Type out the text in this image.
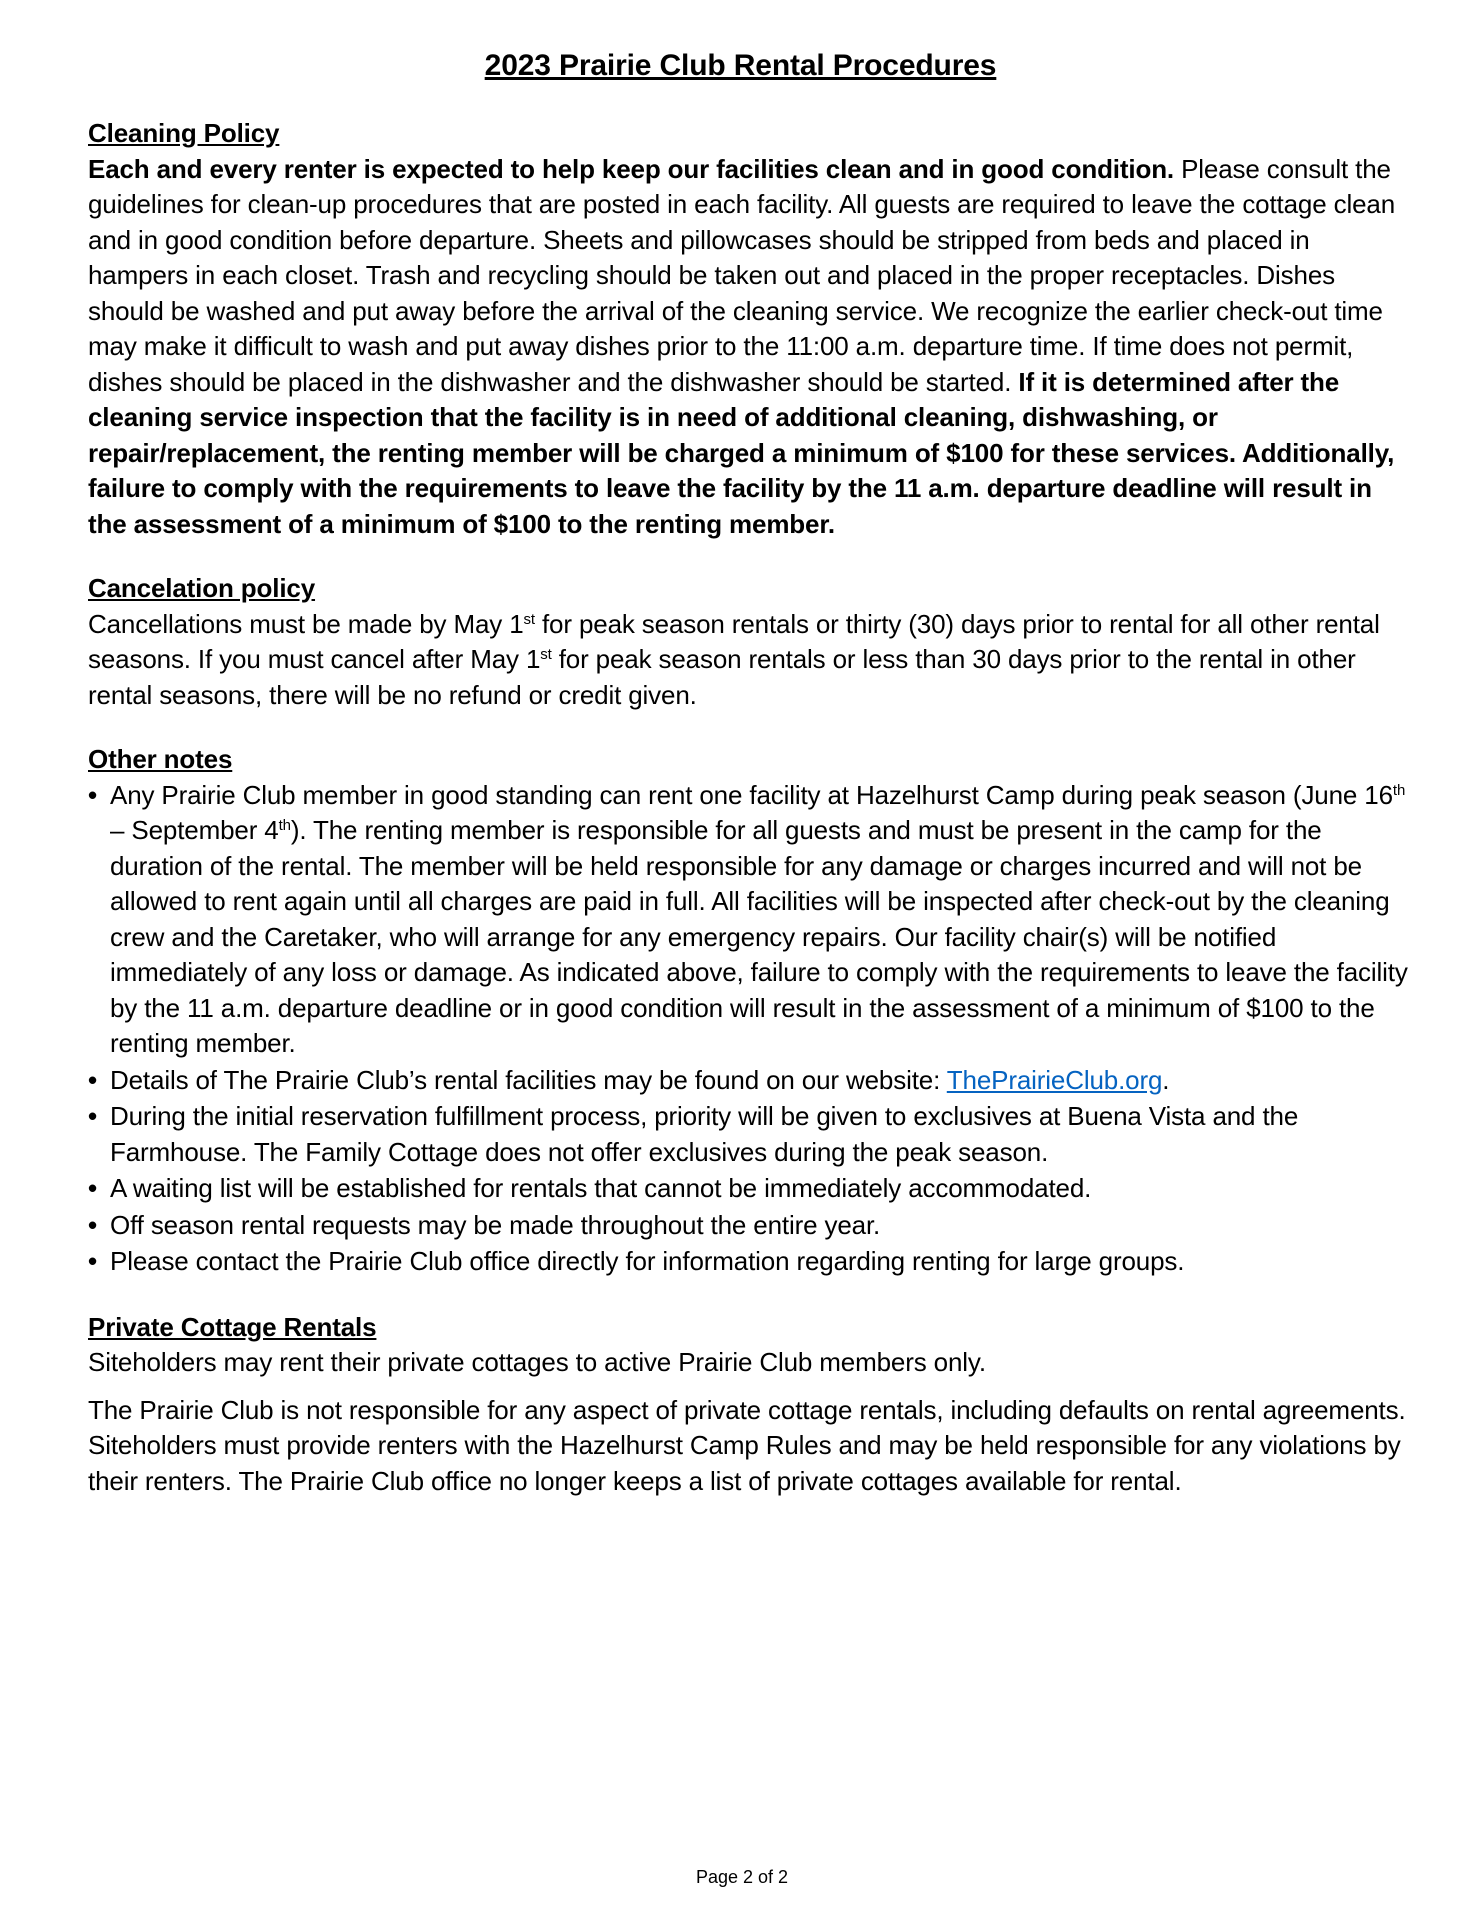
2023 Prairie Club Rental Procedures
Cleaning Policy

Each and every renter is expected to help keep our facilities clean and in good condition. Please consult the guidelines for clean-up procedures that are posted in each facility. All guests are required to leave the cottage clean and in good condition before departure. Sheets and pillowcases should be stripped from beds and placed in hampers in each closet. Trash and recycling should be taken out and placed in the proper receptacles. Dishes should be washed and put away before the arrival of the cleaning service. We recognize the earlier check-out time may make it difficult to wash and put away dishes prior to the 11:00 a.m. departure time. If time does not permit, dishes should be placed in the dishwasher and the dishwasher should be started. If it is determined after the cleaning service inspection that the facility is in need of additional cleaning, dishwashing, or repair/replacement, the renting member will be charged a minimum of $100 for these services. Additionally, failure to comply with the requirements to leave the facility by the 11 a.m. departure deadline will result in the assessment of a minimum of $100 to the renting member.

Cancelation policy

Cancellations must be made by May 1st for peak season rentals or thirty (30) days prior to rental for all other rental seasons. If you must cancel after May 1st for peak season rentals or less than 30 days prior to the rental in other rental seasons, there will be no refund or credit given.

Other notes
• Any Prairie Club member in good standing can rent one facility at Hazelhurst Camp during peak season (June 16th – September 4th). The renting member is responsible for all guests and must be present in the camp for the duration of the rental. The member will be held responsible for any damage or charges incurred and will not be allowed to rent again until all charges are paid in full. All facilities will be inspected after check-out by the cleaning crew and the Caretaker, who will arrange for any emergency repairs. Our facility chair(s) will be notified immediately of any loss or damage. As indicated above, failure to comply with the requirements to leave the facility by the 11 a.m. departure deadline or in good condition will result in the assessment of a minimum of $100 to the renting member.
• Details of The Prairie Club’s rental facilities may be found on our website: ThePrairieClub.org.
• During the initial reservation fulfillment process, priority will be given to exclusives at Buena Vista and the Farmhouse. The Family Cottage does not offer exclusives during the peak season.
• A waiting list will be established for rentals that cannot be immediately accommodated.
• Off season rental requests may be made throughout the entire year.
• Please contact the Prairie Club office directly for information regarding renting for large groups.
Private Cottage Rentals

Siteholders may rent their private cottages to active Prairie Club members only.

The Prairie Club is not responsible for any aspect of private cottage rentals, including defaults on rental agreements. Siteholders must provide renters with the Hazelhurst Camp Rules and may be held responsible for any violations by their renters. The Prairie Club office no longer keeps a list of private cottages available for rental.

Page 2 of 2
